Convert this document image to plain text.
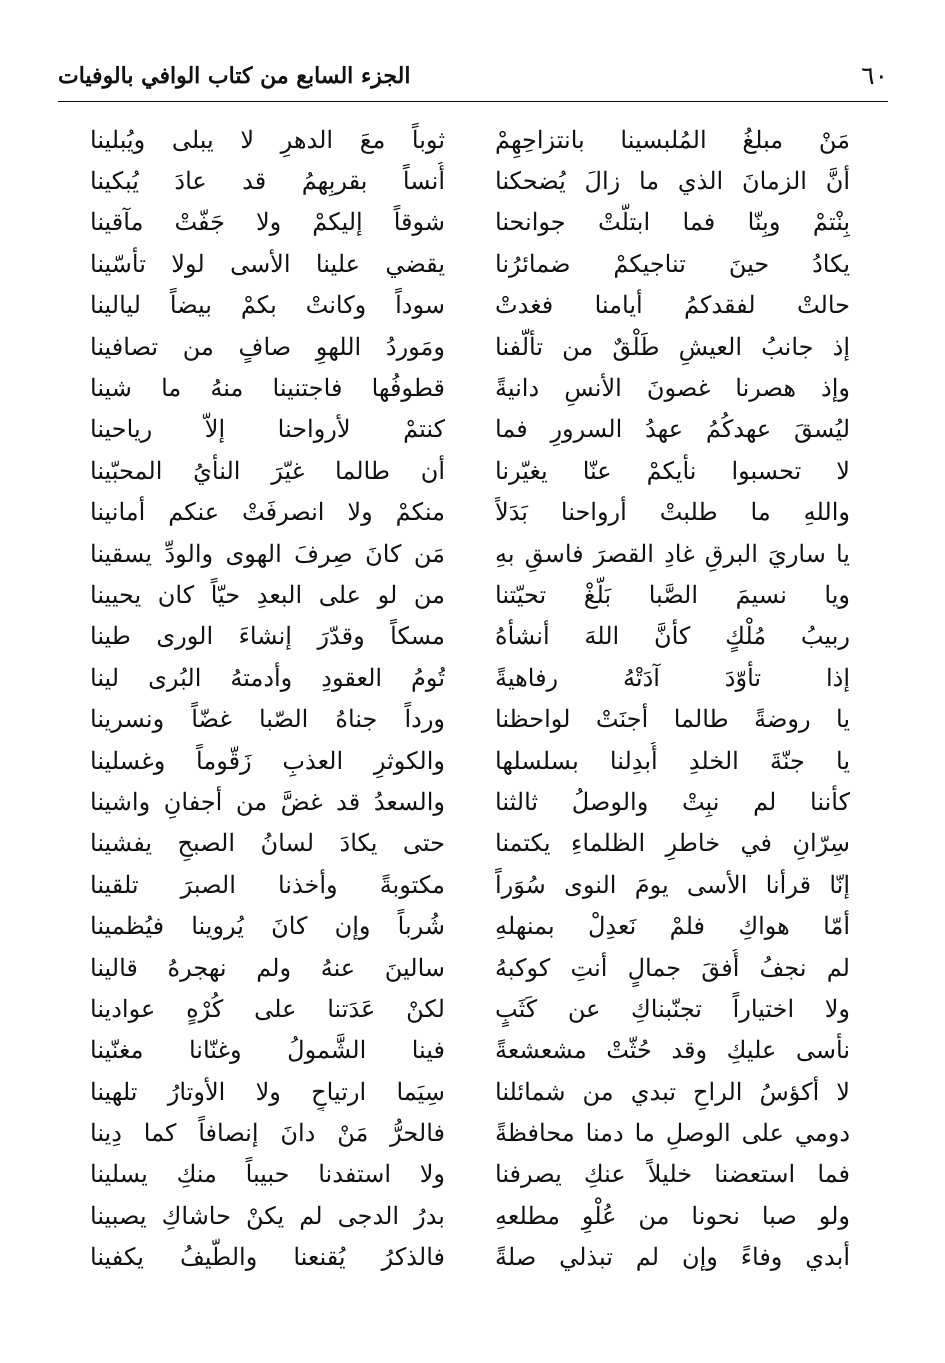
٦٠
الجزء السابع من كتاب الوافي بالوفيات
مَنْ مبلغُ المُلبسينا بانتزاحِهِمْ
ثوباً معَ الدهرِ لا يبلى ويُبلينا
أنَّ الزمانَ الذي ما زالَ يُضحكنا
أُنساً بقربِهمُ قد عادَ يُبكينا
بِنْتمْ وبِنّا فما ابتلَّتْ جوانحنا
شوقاً إليكمْ ولا جَفّتْ مآقينا
يكادُ حينَ تناجيكمْ ضمائرُنا
يقضي علينا الأسى لولا تأسّينا
حالتْ لفقدكمُ أيامنا فغدتْ
سوداً وكانتْ بكمْ بيضاً ليالينا
إذ جانبُ العيشِ طَلْقٌ من تألّفنا
ومَوردُ اللهوِ صافٍ من تصافينا
وإذ هصرنا غصونَ الأنسِ دانيةً
قطوفُها فاجتنينا منهُ ما شينا
ليُسقَ عهدكُمُ عهدُ السرورِ فما
كنتمْ لأرواحنا إلاّ رياحينا
لا تحسبوا نأيكمْ عنّا يغيّرنا
أن طالما غيّرَ النأيُ المحبّينا
واللهِ ما طلبتْ أرواحنا بَدَلاً
منكمْ ولا انصرفَتْ عنكم أمانينا
يا ساريَ البرقِ غادِ القصرَ فاسقِ بهِ
مَن كانَ صِرفَ الهوى والودِّ يسقينا
ويا نسيمَ الصَّبا بَلّغْ تحيّتنا
من لو على البعدِ حيّاً كان يحيينا
ربيبُ مُلْكٍ كأنَّ اللهَ أنشأهُ
مسكاً وقدّرَ إنشاءَ الورى طينا
إذا تأوّدَ آدَتْهُ رفاهيةً
تُومُ العقودِ وأدمتهُ البُرى لينا
يا روضةً طالما أجنَتْ لواحظنا
ورداً جناهُ الصّبا غضّاً ونسرينا
يا جنّةَ الخلدِ أُبدِلنا بسلسلها
والكوثرِ العذبِ زَقّوماً وغسلينا
كأننا لم نبِتْ والوصلُ ثالثنا
والسعدُ قد غضَّ من أجفانِ واشينا
سِرّانِ في خاطرِ الظلماءِ يكتمنا
حتى يكادَ لسانُ الصبحِ يفشينا
إنّا قرأنا الأسى يومَ النوى سُوَراً
مكتوبةً وأخذنا الصبرَ تلقينا
أمّا هواكِ فلمْ نَعدِلْ بمنهلهِ
شُرباً وإن كانَ يُروينا فيُظمينا
لم نجفُ أُفقَ جمالٍ أنتِ كوكبهُ
سالينَ عنهُ ولم نهجرهُ قالينا
ولا اختياراً تجنّبناكِ عن كَثَبٍ
لكنْ عَدَتنا على كُرْهٍ عوادينا
نأسى عليكِ وقد حُثّتْ مشعشعةً
فينا الشَّمولُ وغنّانا مغنّينا
لا أكؤسُ الراحِ تبدي من شمائلنا
سِيَما ارتياحٍ ولا الأوتارُ تلهينا
دومي على الوصلِ ما دمنا محافظةً
فالحرُّ مَنْ دانَ إنصافاً كما دِينا
فما استعضنا خليلاً عنكِ يصرفنا
ولا استفدنا حبيباً منكِ يسلينا
ولو صبا نحونا من عُلْوِ مطلعهِ
بدرُ الدجى لم يكنْ حاشاكِ يصبينا
أبدي وفاءً وإن لم تبذلي صلةً
فالذكرُ يُقنعنا والطّيفُ يكفينا
